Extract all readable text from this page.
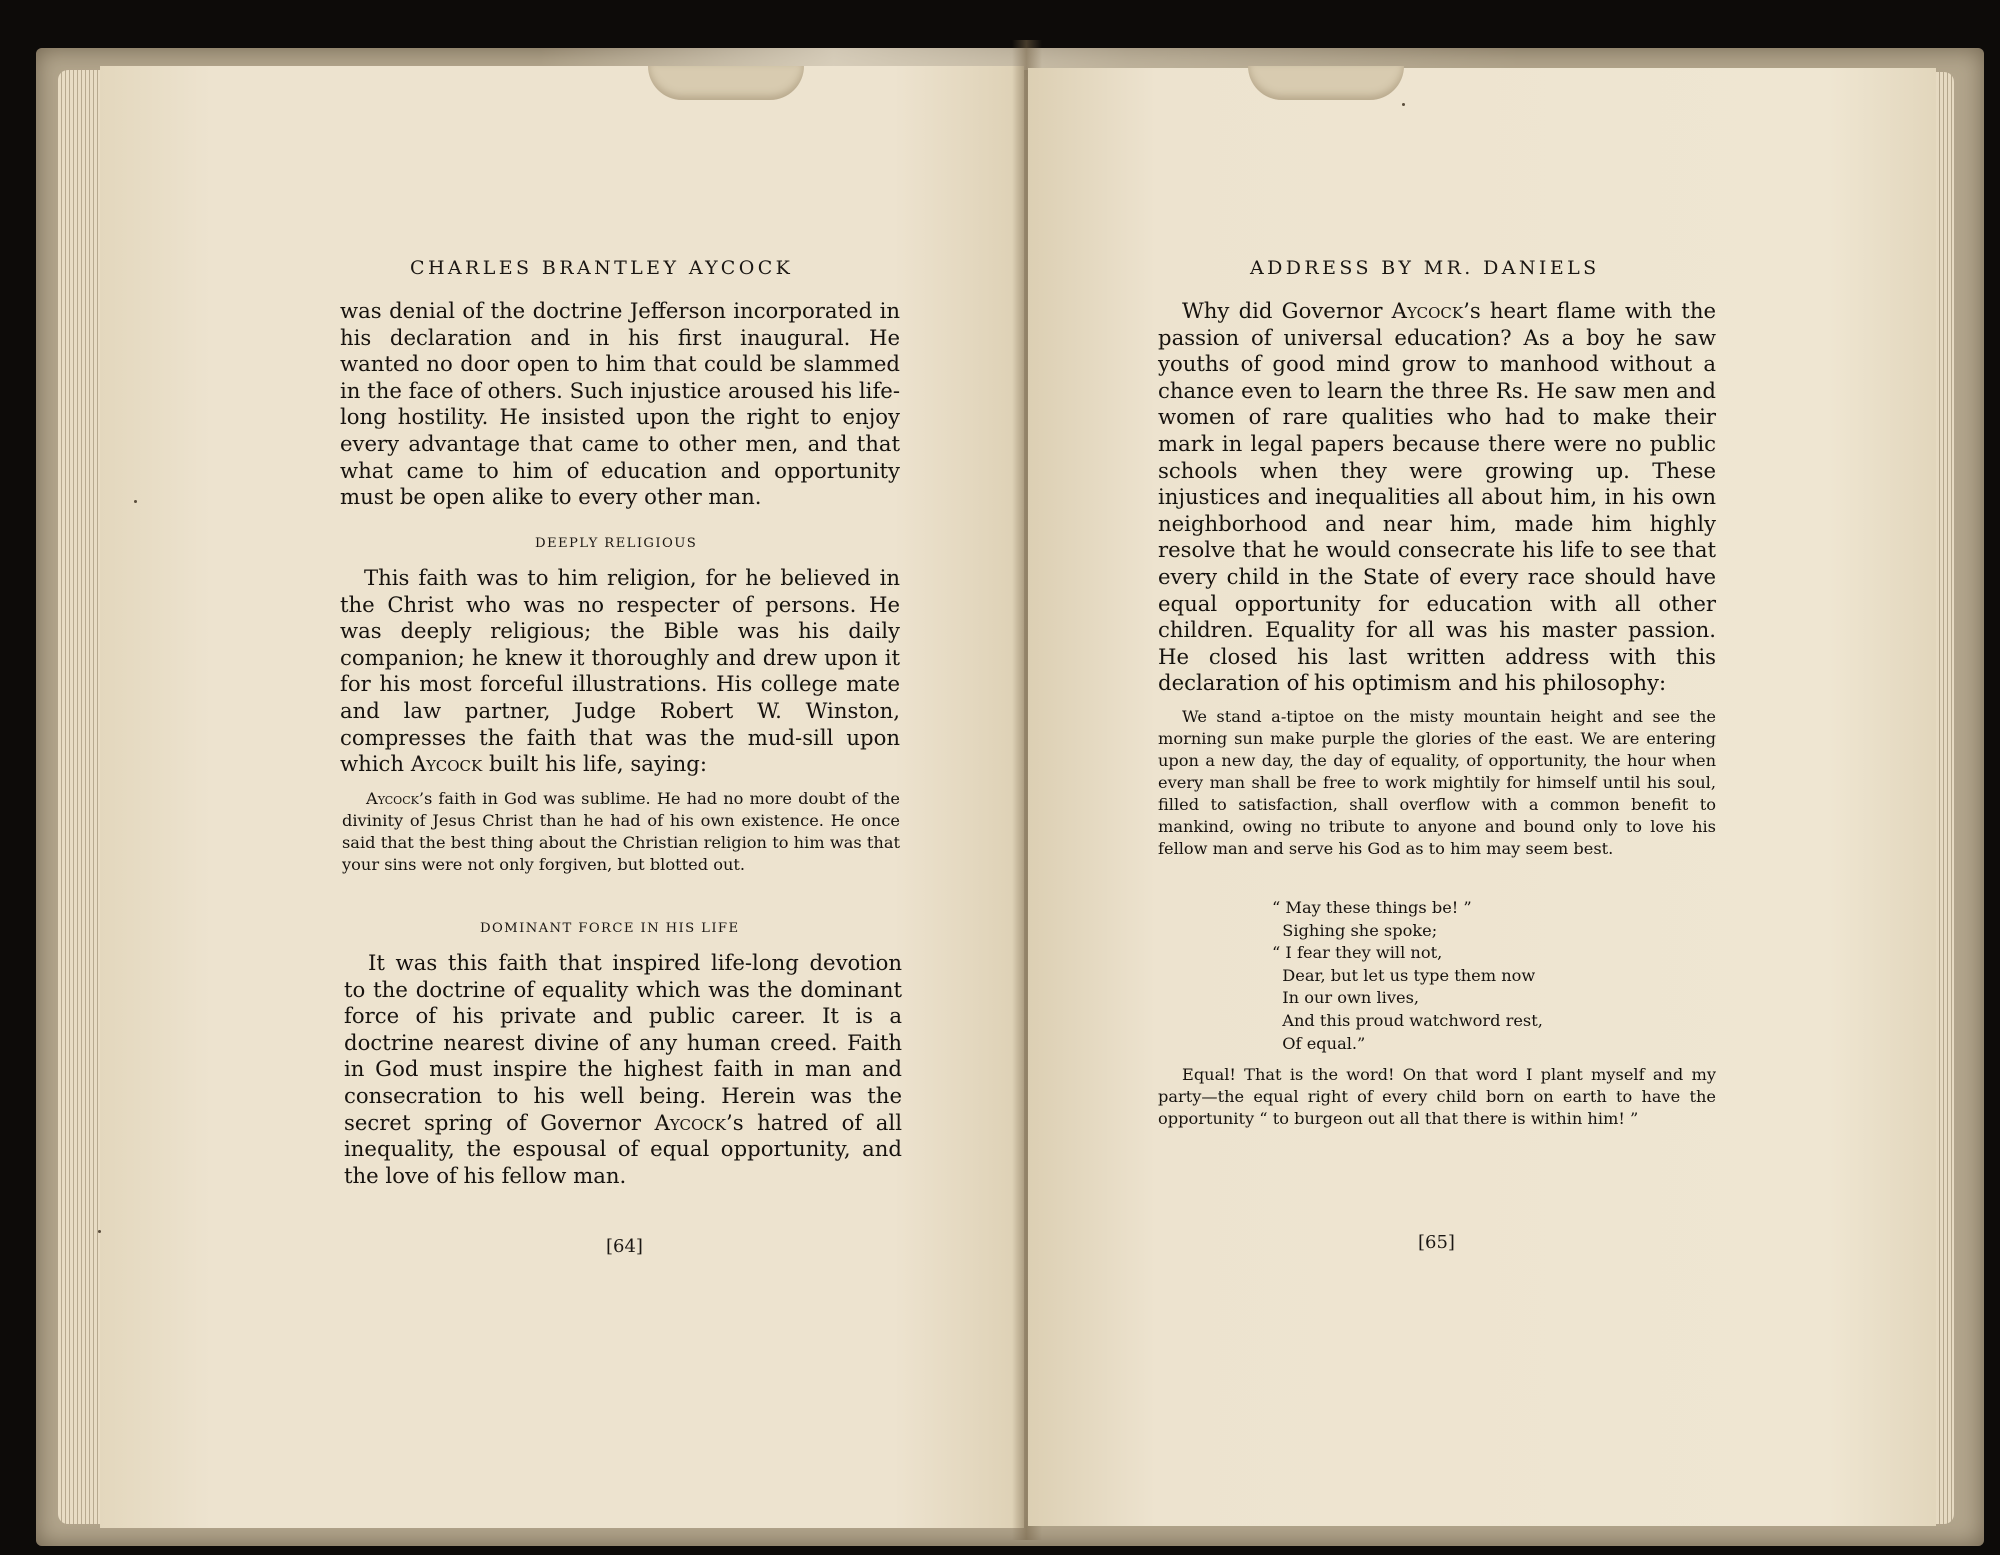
CHARLES BRANTLEY AYCOCK

was denial of the doctrine Jefferson incorporated in his declaration and in his first inaugural. He wanted no door open to him that could be slammed in the face of others. Such injustice aroused his life-long hostility. He insisted upon the right to enjoy every advantage that came to other men, and that what came to him of education and opportunity must be open alike to every other man.

DEEPLY RELIGIOUS

This faith was to him religion, for he believed in the Christ who was no respecter of persons. He was deeply religious; the Bible was his daily companion; he knew it thoroughly and drew upon it for his most forceful illustrations. His college mate and law partner, Judge Robert W. Winston, compresses the faith that was the mud-sill upon which Aycock built his life, saying:

Aycock’s faith in God was sublime. He had no more doubt of the divinity of Jesus Christ than he had of his own existence. He once said that the best thing about the Christian religion to him was that your sins were not only forgiven, but blotted out.

DOMINANT FORCE IN HIS LIFE

It was this faith that inspired life-long devotion to the doctrine of equality which was the dominant force of his private and public career. It is a doctrine nearest divine of any human creed. Faith in God must inspire the highest faith in man and consecration to his well being. Herein was the secret spring of Governor Aycock’s hatred of all inequality, the espousal of equal opportunity, and the love of his fellow man.

[64]
ADDRESS BY MR. DANIELS

Why did Governor Aycock’s heart flame with the passion of universal education? As a boy he saw youths of good mind grow to manhood without a chance even to learn the three Rs. He saw men and women of rare qualities who had to make their mark in legal papers because there were no public schools when they were growing up. These injustices and inequalities all about him, in his own neighborhood and near him, made him highly resolve that he would consecrate his life to see that every child in the State of every race should have equal opportunity for education with all other children. Equality for all was his master passion. He closed his last written address with this declaration of his optimism and his philosophy:

We stand a-tiptoe on the misty mountain height and see the morning sun make purple the glories of the east. We are entering upon a new day, the day of equality, of opportunity, the hour when every man shall be free to work mightily for himself until his soul, filled to satisfaction, shall overflow with a common benefit to mankind, owing no tribute to anyone and bound only to love his fellow man and serve his God as to him may seem best.

“ May these things be! ”
Sighing she spoke;
“ I fear they will not,
Dear, but let us type them now
In our own lives,
And this proud watchword rest,
Of equal.”

Equal! That is the word! On that word I plant myself and my party—the equal right of every child born on earth to have the opportunity “ to burgeon out all that there is within him! ”

[65]
